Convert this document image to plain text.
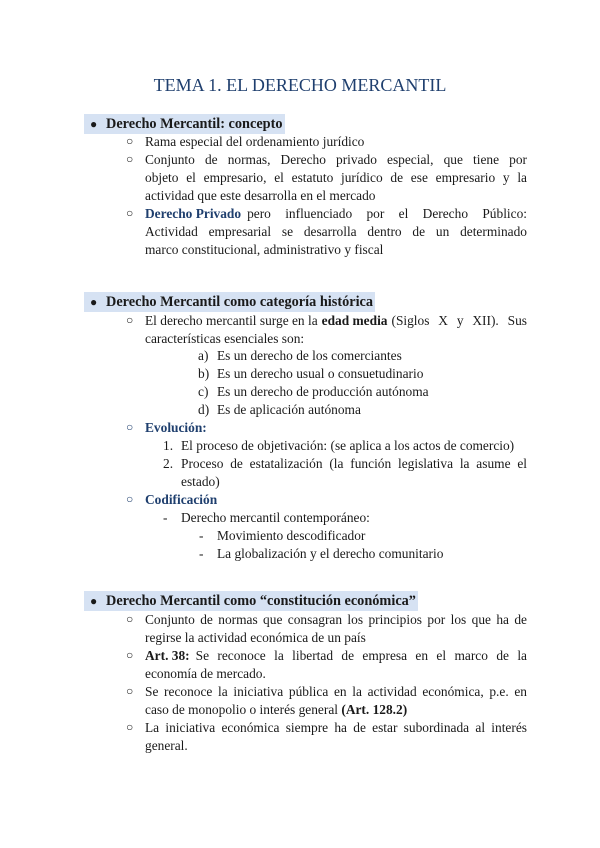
TEMA 1. EL DERECHO MERCANTIL
● Derecho Mercantil: concepto
○ Rama especial del ordenamiento jurídico
○ Conjunto de normas, Derecho privado especial, que tiene por
objeto el empresario, el estatuto jurídico de ese empresario y la
actividad que este desarrolla en el mercado
○ Derecho Privado pero influenciado por el Derecho Público:
Actividad empresarial se desarrolla dentro de un determinado
marco constitucional, administrativo y fiscal
● Derecho Mercantil como categoría histórica
○ El derecho mercantil surge en la edad media (Siglos X y XII). Sus
características esenciales son:
a) Es un derecho de los comerciantes
b) Es un derecho usual o consuetudinario
c) Es un derecho de producción autónoma
d) Es de aplicación autónoma
○ Evolución:
1. El proceso de objetivación: (se aplica a los actos de comercio)
2. Proceso de estatalización (la función legislativa la asume el
estado)
○ Codificación
- Derecho mercantil contemporáneo:
- Movimiento descodificador
- La globalización y el derecho comunitario
● Derecho Mercantil como “constitución económica”
○ Conjunto de normas que consagran los principios por los que ha de
regirse la actividad económica de un país
○ Art. 38: Se reconoce la libertad de empresa en el marco de la
economía de mercado.
○ Se reconoce la iniciativa pública en la actividad económica, p.e. en
caso de monopolio o interés general (Art. 128.2)
○ La iniciativa económica siempre ha de estar subordinada al interés
general.
